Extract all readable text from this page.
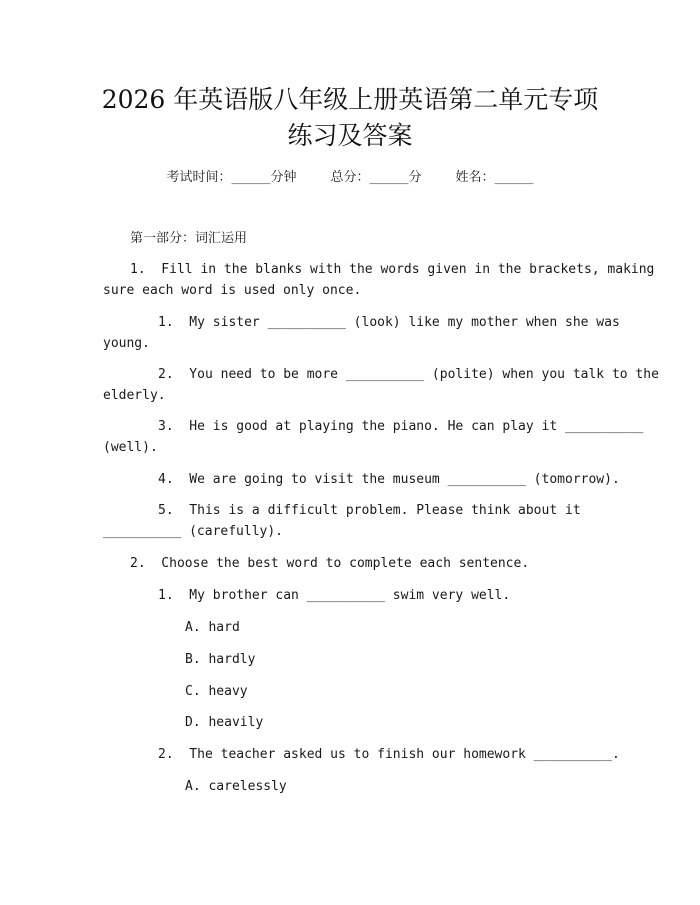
2026 年英语版八年级上册英语第二单元专项
练习及答案
考试时间：______分钟	总分：______分	姓名：______
第一部分：词汇运用
1.  Fill in the blanks with the words given in the brackets, making
sure each word is used only once.
1.  My sister __________ (look) like my mother when she was
young.
2.  You need to be more __________ (polite) when you talk to the
elderly.
3.  He is good at playing the piano. He can play it __________
(well).
4.  We are going to visit the museum __________ (tomorrow).
5.  This is a difficult problem. Please think about it
__________ (carefully).
2.  Choose the best word to complete each sentence.
1.  My brother can __________ swim very well.
A. hard
B. hardly
C. heavy
D. heavily
2.  The teacher asked us to finish our homework __________.
A. carelessly
